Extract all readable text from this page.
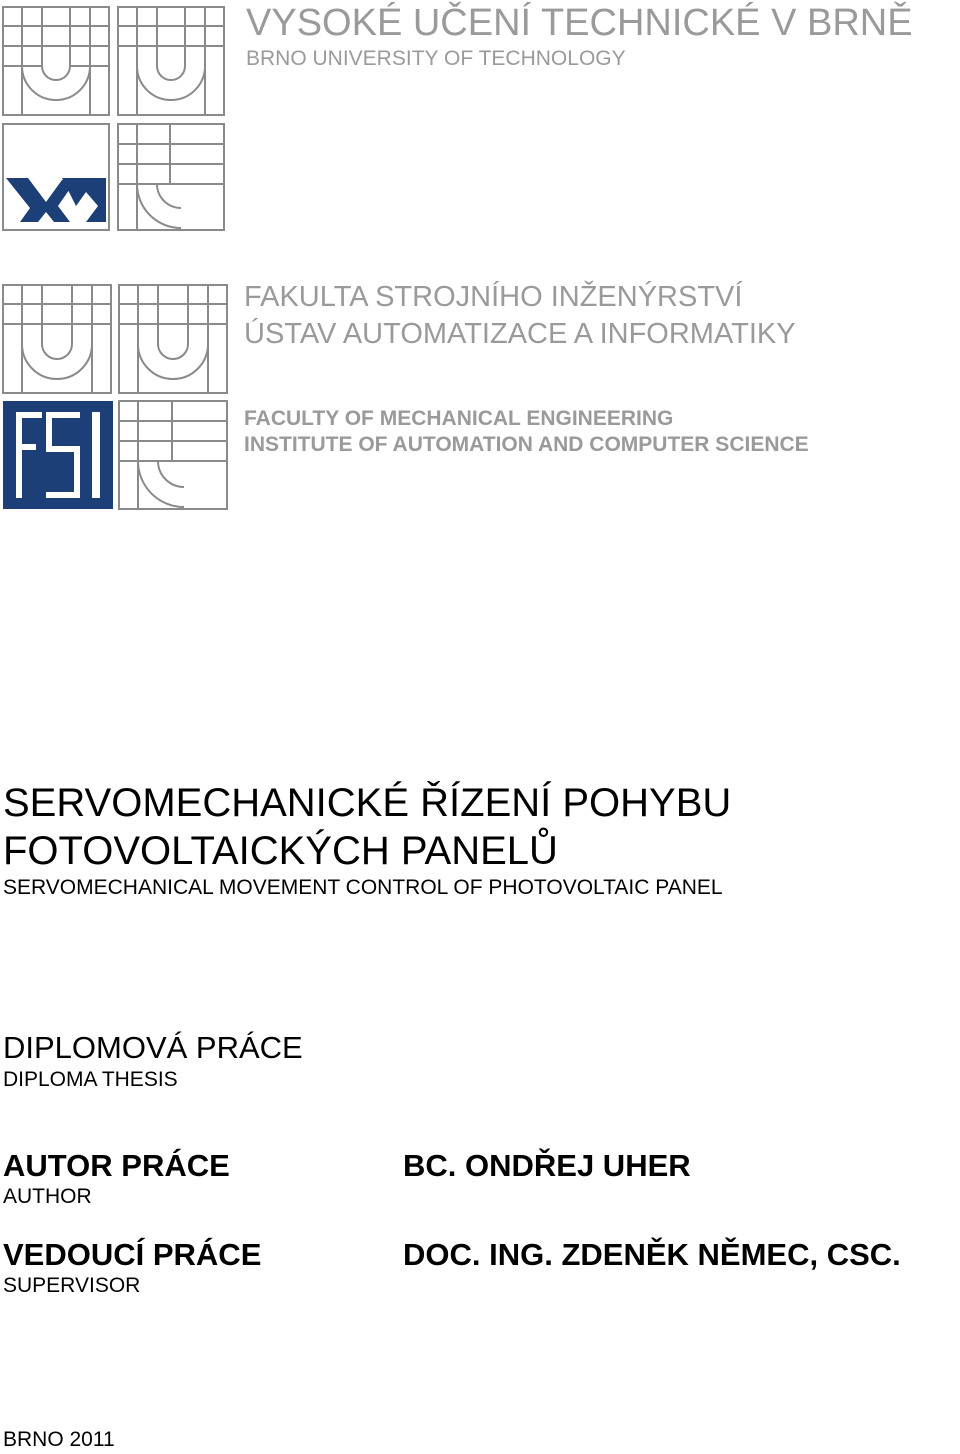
VYSOKÉ UČENÍ TECHNICKÉ V BRNĚ
BRNO UNIVERSITY OF TECHNOLOGY
FAKULTA STROJNÍHO INŽENÝRSTVÍ
ÚSTAV AUTOMATIZACE A INFORMATIKY
FACULTY OF MECHANICAL ENGINEERING
INSTITUTE OF AUTOMATION AND COMPUTER SCIENCE
SERVOMECHANICKÉ ŘÍZENÍ POHYBU
FOTOVOLTAICKÝCH PANELŮ
SERVOMECHANICAL MOVEMENT CONTROL OF PHOTOVOLTAIC PANEL
DIPLOMOVÁ PRÁCE
DIPLOMA THESIS
AUTOR PRÁCE
AUTHOR
BC. ONDŘEJ UHER
VEDOUCÍ PRÁCE
SUPERVISOR
DOC. ING. ZDENĚK NĚMEC, CSC.
BRNO 2011
